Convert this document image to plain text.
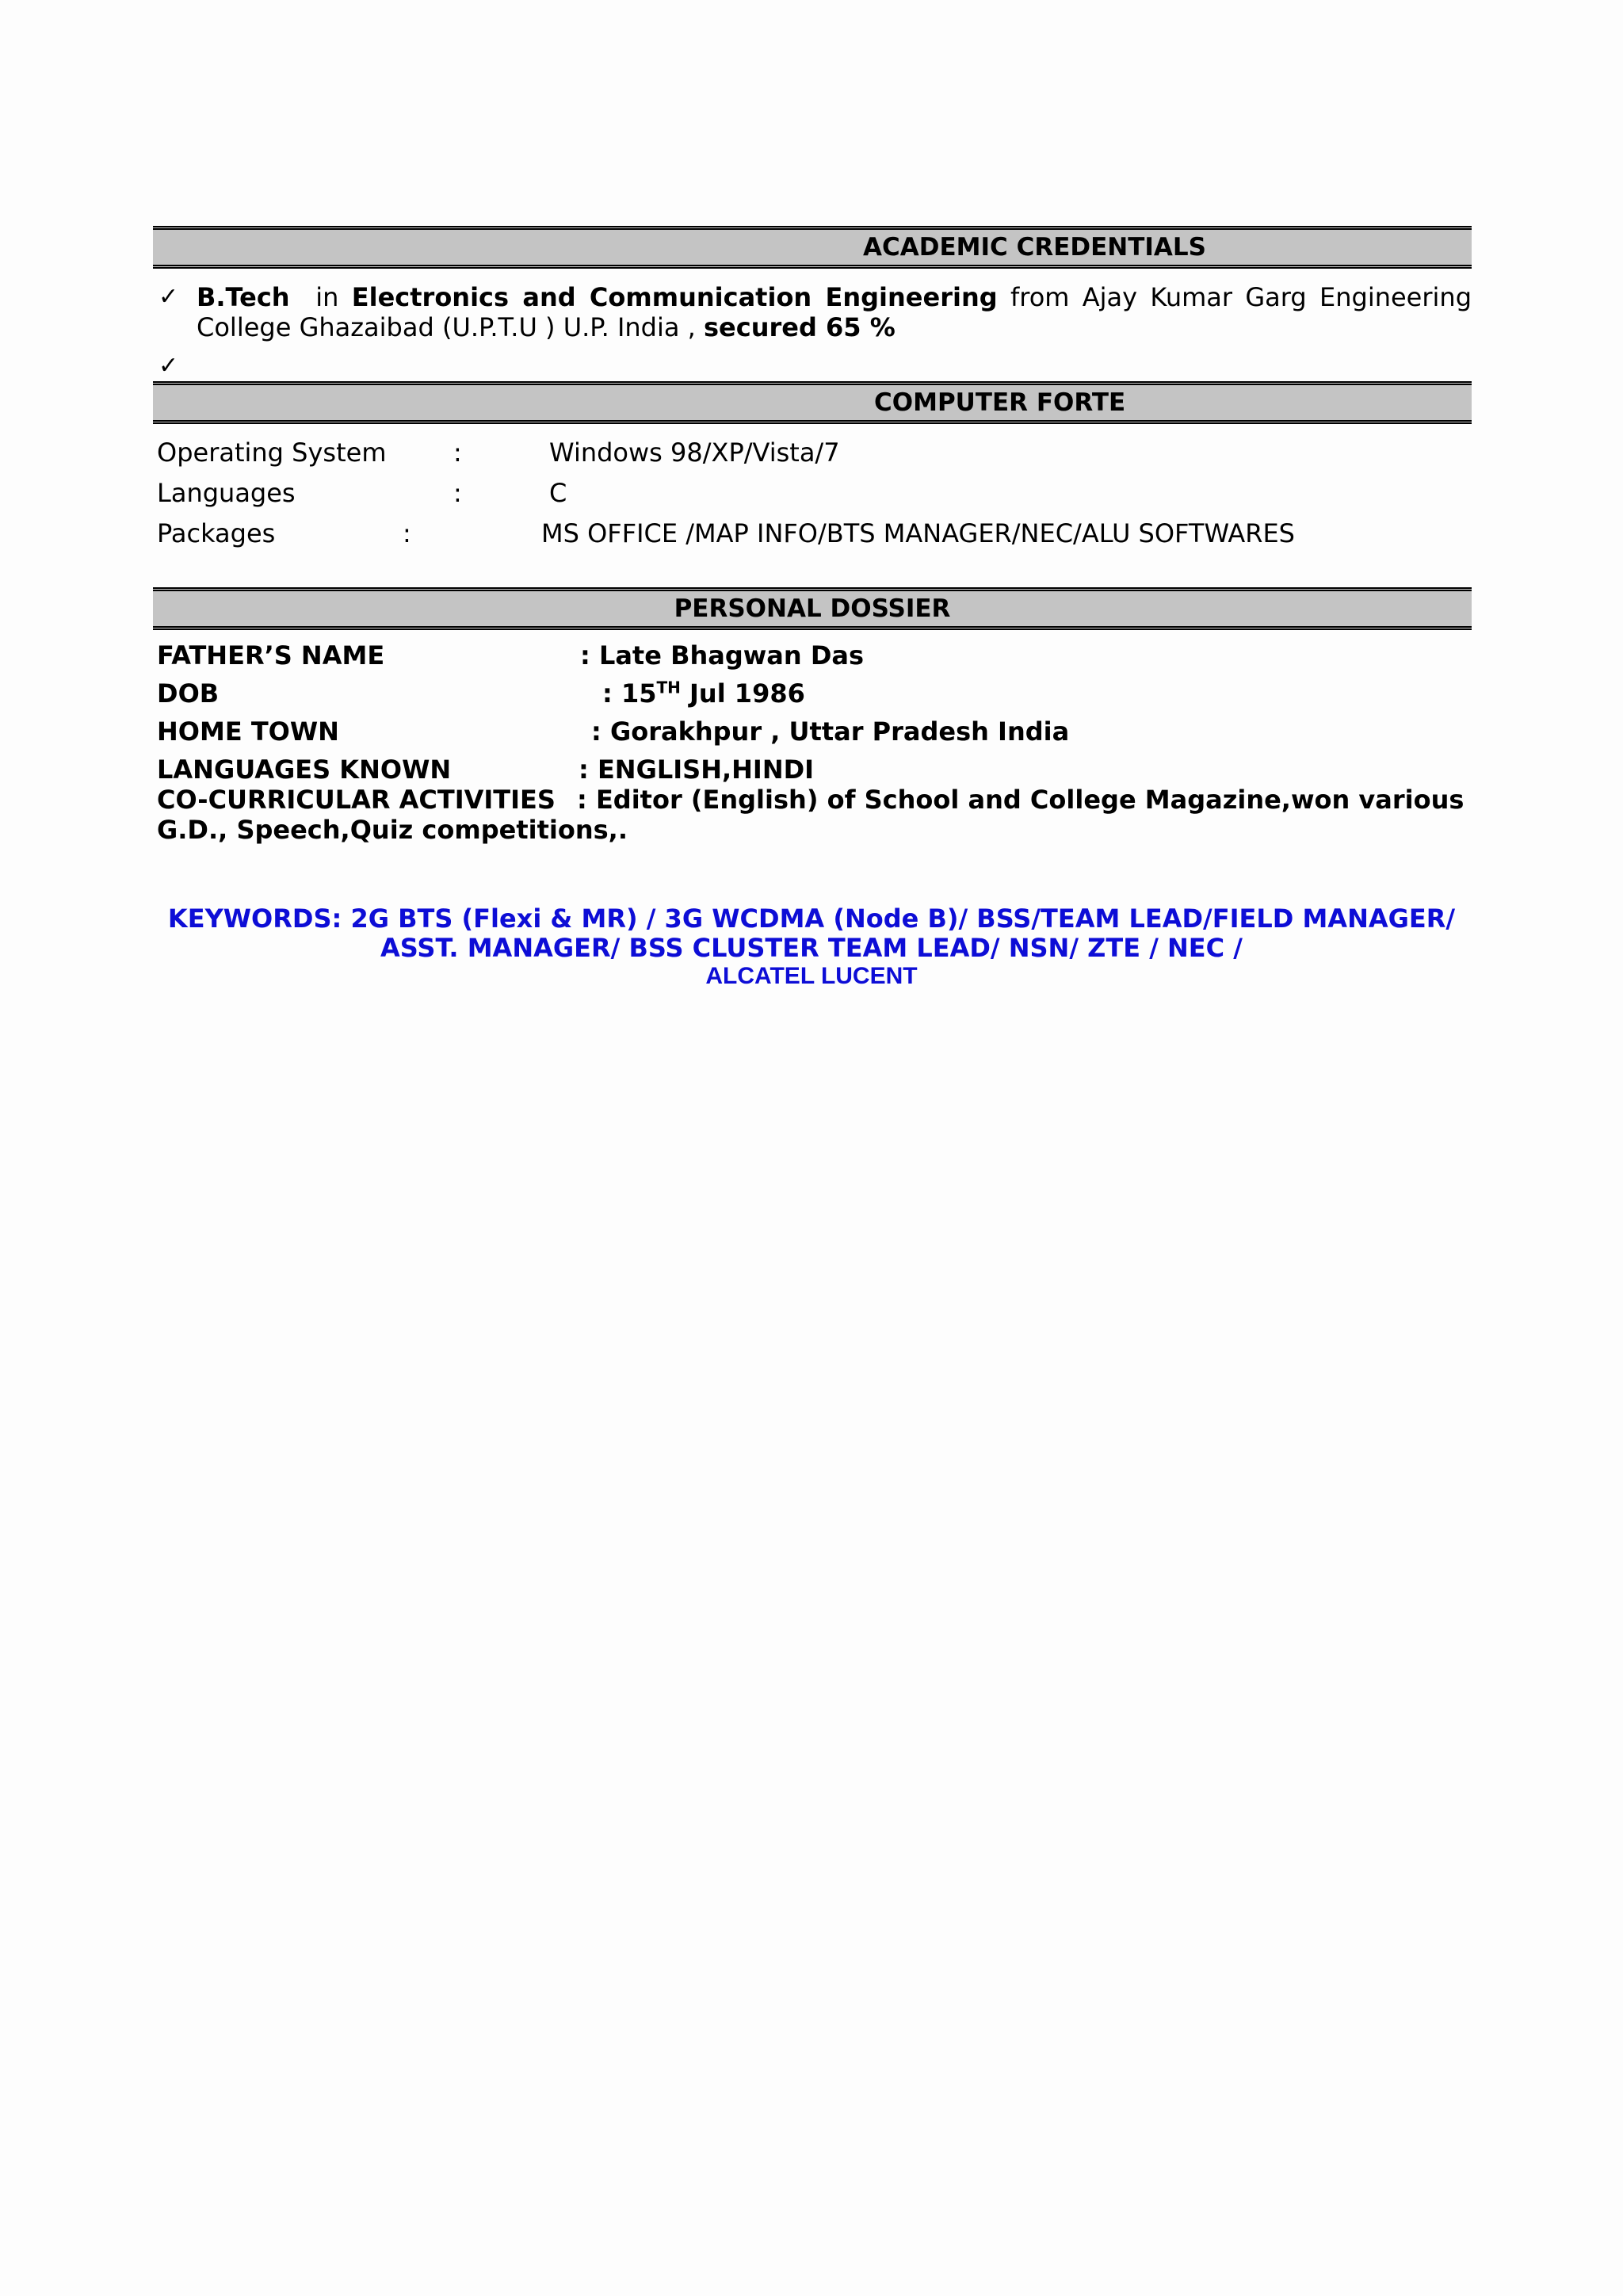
ACADEMIC CREDENTIALS
✓ B.Tech in Electronics and Communication Engineering from Ajay Kumar Garg Engineering
College Ghazaibad (U.P.T.U ) U.P. India , secured 65 %
✓
COMPUTER FORTE
Operating System	:	Windows 98/XP/Vista/7
Languages	:	C
Packages	:	MS OFFICE /MAP INFO/BTS MANAGER/NEC/ALU SOFTWARES
PERSONAL DOSSIER
FATHER’S NAME	: Late Bhagwan Das
DOB	: 15TH Jul 1986
HOME TOWN	: Gorakhpur , Uttar Pradesh India
LANGUAGES KNOWN	: ENGLISH,HINDI
CO-CURRICULAR ACTIVITIES : Editor (English) of School and College Magazine,won various
G.D., Speech,Quiz competitions,.
KEYWORDS: 2G BTS (Flexi & MR) / 3G WCDMA (Node B)/ BSS/TEAM LEAD/FIELD MANAGER/
ASST. MANAGER/ BSS CLUSTER TEAM LEAD/ NSN/ ZTE / NEC /
ALCATEL LUCENT
